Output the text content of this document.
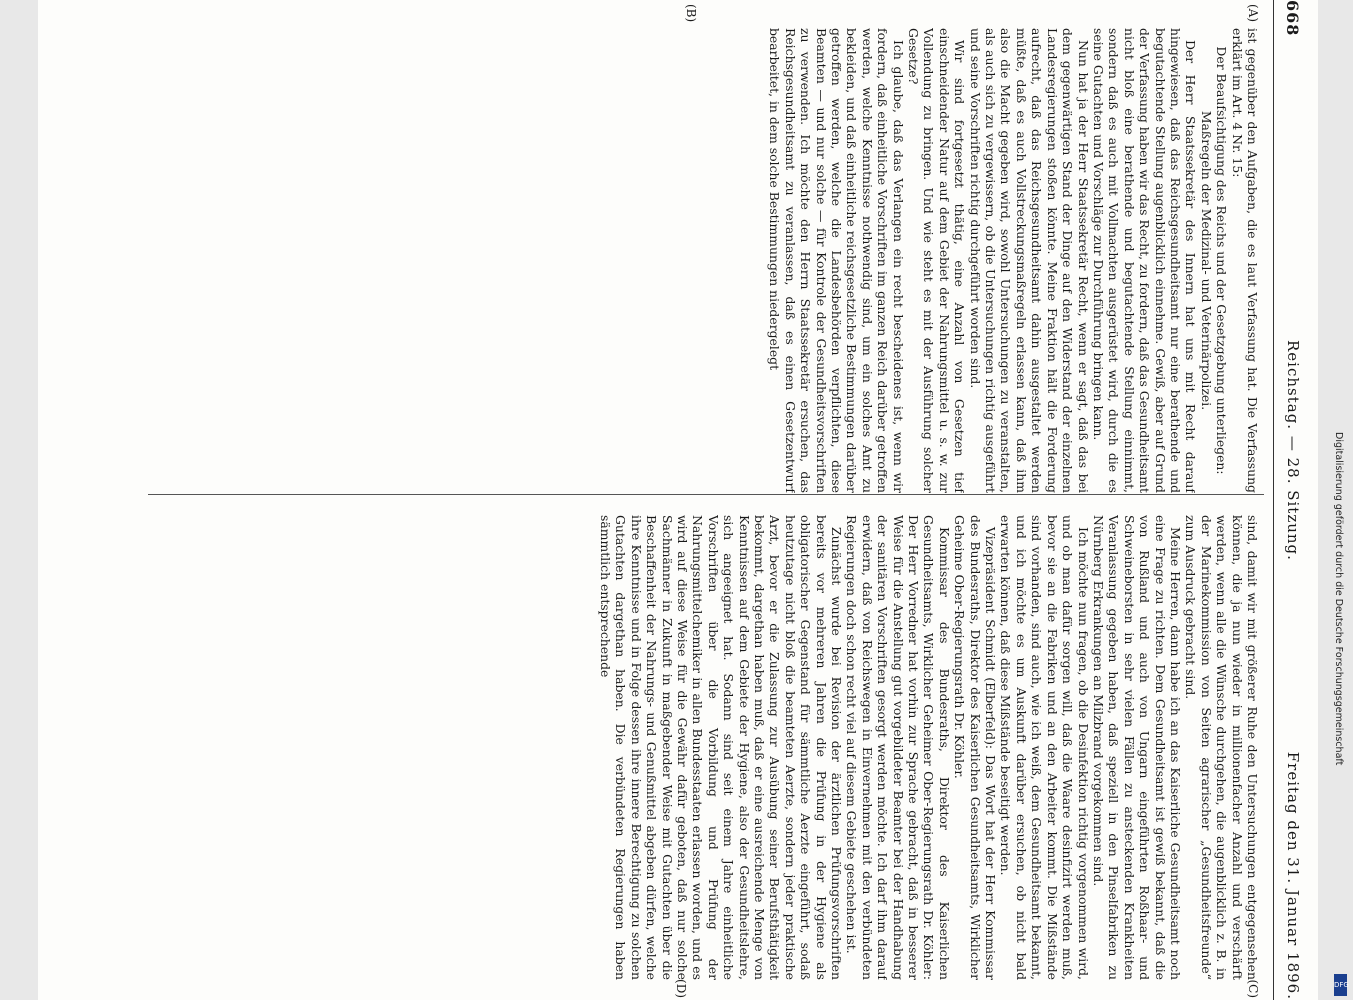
668
Reichstag. — 28. Sitzung.
Freitag den 31. Januar 1896.
(A)
(B)
(C)
(D)

ist gegenüber den Aufgaben, die es laut Verfassung hat. Die Verfassung erklärt im Art. 4 Nr. 15:

Der Beaufsichtigung des Reichs und der Gesetzgebung unterliegen: Maßregeln der Medizinal- und Veterinärpolizei.

Der Herr Staatssekretär des Innern hat uns mit Recht darauf hingewiesen, daß das Reichsgesundheitsamt nur eine berathende und begutachtende Stellung augenblicklich einnehme. Gewiß, aber auf Grund der Verfassung haben wir das Recht, zu fordern, daß das Gesundheitsamt nicht bloß eine berathende und begutachtende Stellung einnimmt, sondern daß es auch mit Vollmachten ausgerüstet wird, durch die es seine Gutachten und Vorschläge zur Durchführung bringen kann.

Nun hat ja der Herr Staatssekretär Recht, wenn er sagt, daß das bei dem gegenwärtigen Stand der Dinge auf den Widerstand der einzelnen Landesregierungen stoßen könnte. Meine Fraktion hält die Forderung aufrecht, daß das Reichsgesundheitsamt dahin ausgestaltet werden müßte, daß es auch Vollstreckungsmaßregeln erlassen kann, daß ihm also die Macht gegeben wird, sowohl Untersuchungen zu veranstalten, als auch sich zu vergewissern, ob die Untersuchungen richtig ausgeführt und seine Vorschriften richtig durchgeführt worden sind.

Wir sind fortgesetzt thätig, eine Anzahl von Gesetzen tief einschneidender Natur auf dem Gebiet der Nahrungsmittel u. s. w. zur Vollendung zu bringen. Und wie steht es mit der Ausführung solcher Gesetze?

Ich glaube, daß das Verlangen ein recht bescheidenes ist, wenn wir fordern, daß einheitliche Vorschriften im ganzen Reich darüber getroffen werden, welche Kenntnisse nothwendig sind, um ein solches Amt zu bekleiden, und daß einheitliche reichsgesetzliche Bestimmungen darüber getroffen werden, welche die Landesbehörden verpflichten, diese Beamten — und nur solche — für Kontrole der Gesundheitsvorschriften zu verwenden. Ich möchte den Herrn Staatssekretär ersuchen, das Reichsgesundheitsamt zu veranlassen, daß es einen Gesetzentwurf bearbeitet, in dem solche Bestimmungen niedergelegt

sind, damit wir mit größerer Ruhe den Untersuchungen entgegensehen können, die ja nun wieder in millionenfacher Anzahl und verschärft werden, wenn alle die Wünsche durchgehen, die augenblicklich z. B. in der Marinekommission von Seiten agrarischer „Gesundheitsfreunde“ zum Ausdruck gebracht sind.

Meine Herren, dann habe ich an das Kaiserliche Gesundheitsamt noch eine Frage zu richten. Dem Gesundheitsamt ist gewiß bekannt, daß die von Rußland und auch von Ungarn eingeführten Roßhaar- und Schweineborsten in sehr vielen Fällen zu ansteckenden Krankheiten Veranlassung gegeben haben, daß speziell in den Pinselfabriken zu Nürnberg Erkrankungen an Milzbrand vorgekommen sind.

Ich möchte nun fragen, ob die Desinfektion richtig vorgenommen wird, und ob man dafür sorgen will, daß die Waare desinfizirt werden muß, bevor sie an die Fabriken und an den Arbeiter kommt. Die Mißstände sind vorhanden, sind auch, wie ich weiß, dem Gesundheitsamt bekannt, und ich möchte es um Auskunft darüber ersuchen, ob nicht bald erwarten können, daß diese Mißstände beseitigt werden.

Vizepräsident Schmidt (Elberfeld): Das Wort hat der Herr Kommissar des Bundesraths, Direktor des Kaiserlichen Gesundheitsamts, Wirklicher Geheime Ober-Regierungsrath Dr. Köhler.

Kommissar des Bundesraths, Direktor des Kaiserlichen Gesundheitsamts, Wirklicher Geheimer Ober-Regierungsrath Dr. Köhler: Der Herr Vorredner hat vorhin zur Sprache gebracht, daß in besserer Weise für die Anstellung gut vorgebildeter Beamter bei der Handhabung der sanitären Vorschriften gesorgt werden möchte. Ich darf ihm darauf erwidern, daß von Reichswegen in Einvernehmen mit den verbündeten Regierungen doch schon recht viel auf diesem Gebiete geschehen ist.

Zunächst wurde bei Revision der ärztlichen Prüfungsvorschriften bereits vor mehreren Jahren die Prüfung in der Hygiene als obligatorischer Gegenstand für sämmtliche Aerzte eingeführt, sodaß heutzutage nicht bloß die beamteten Aerzte, sondern jeder praktische Arzt, bevor er die Zulassung zur Ausübung seiner Berufsthätigkeit bekommt, dargethan haben muß, daß er eine ausreichende Menge von Kenntnissen auf dem Gebiete der Hygiene, also der Gesundheitslehre, sich angeeignet hat. Sodann sind seit einem Jahre einheitliche Vorschriften über die Vorbildung und Prüfung der Nahrungsmittelchemiker in allen Bundesstaaten erlassen worden, und es wird auf diese Weise für die Gewähr dafür geboten, daß nur solche Sachmänner in Zukunft in maßgebender Weise mit Gutachten über die Beschaffenheit der Nahrungs- und Genußmittel abgeben dürfen, welche ihre Kenntnisse und in Folge dessen ihre innere Berechtigung zu solchen Gutachten dargethan haben. Die verbündeten Regierungen haben sämmtlich entsprechende	Digitalisierung gefördert durch die Deutsche Forschungsgemeinschaft
DFG
